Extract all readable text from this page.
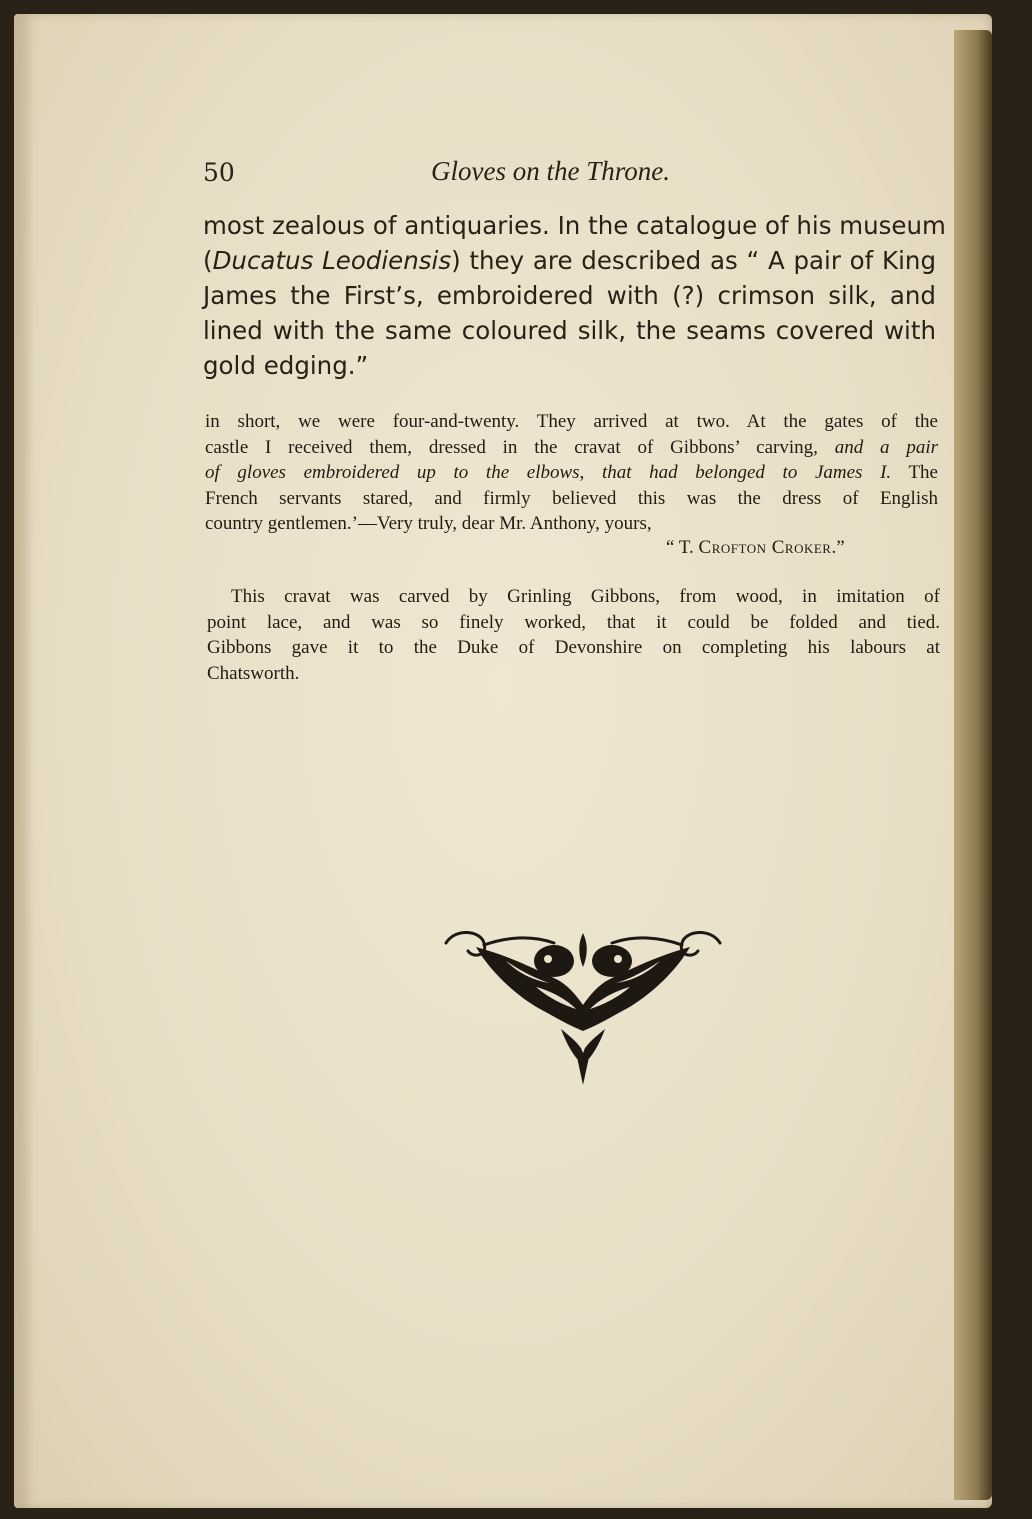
50	Gloves on the Throne.
most zealous of antiquaries. In the catalogue of his museum
(Ducatus Leodiensis) they are described as “ A pair of King
James the First’s, embroidered with (?) crimson silk, and
lined with the same coloured silk, the seams covered with
gold edging.”
in short, we were four-and-twenty. They arrived at two. At the gates of the
castle I received them, dressed in the cravat of Gibbons’ carving, and a pair
of gloves embroidered up to the elbows, that had belonged to James I. The
French servants stared, and firmly believed this was the dress of English
country gentlemen.’—Very truly, dear Mr. Anthony, yours,
“ T. Crofton Croker.”
This cravat was carved by Grinling Gibbons, from wood, in imitation of
point lace, and was so finely worked, that it could be folded and tied.
Gibbons gave it to the Duke of Devonshire on completing his labours at
Chatsworth.
